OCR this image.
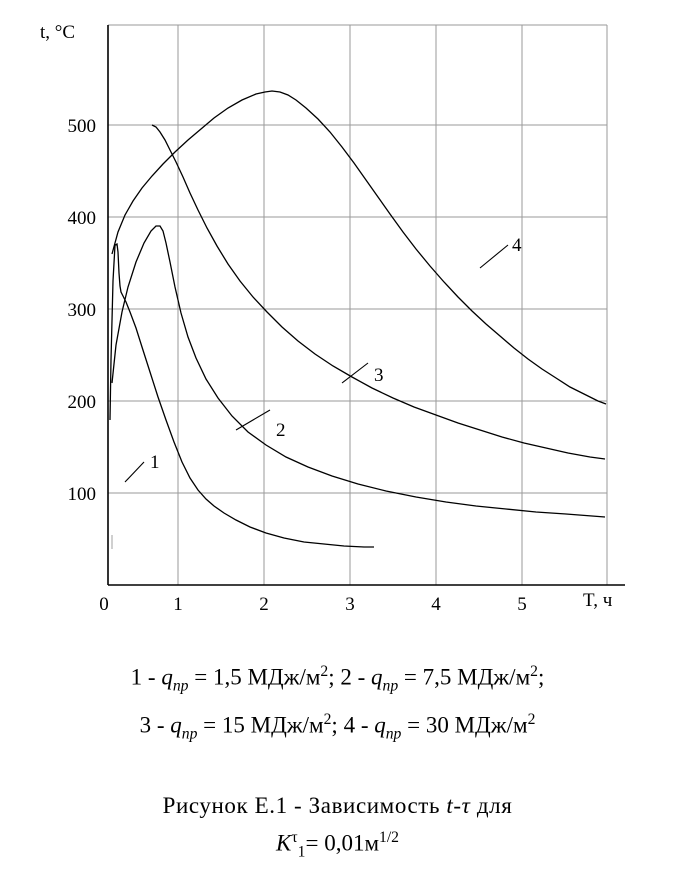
100
200
300
400
500
0	1	2	3	4	5
t, °C
T, ч
1
2
3
4
$1 - q_{пр} = 1,5$ МДж/$м^2$; $2 - q_{пр} = 7,5$ МДж/$м^2$;
$3 - q_{пр} = 15$ МДж/$м^2$; $4 - q_{пр} = 30$ МДж/$м^2$
Рисунок Е.1 - Зависимость t-τ для
$K^\tau_1= 0,01м^{1/2}$
